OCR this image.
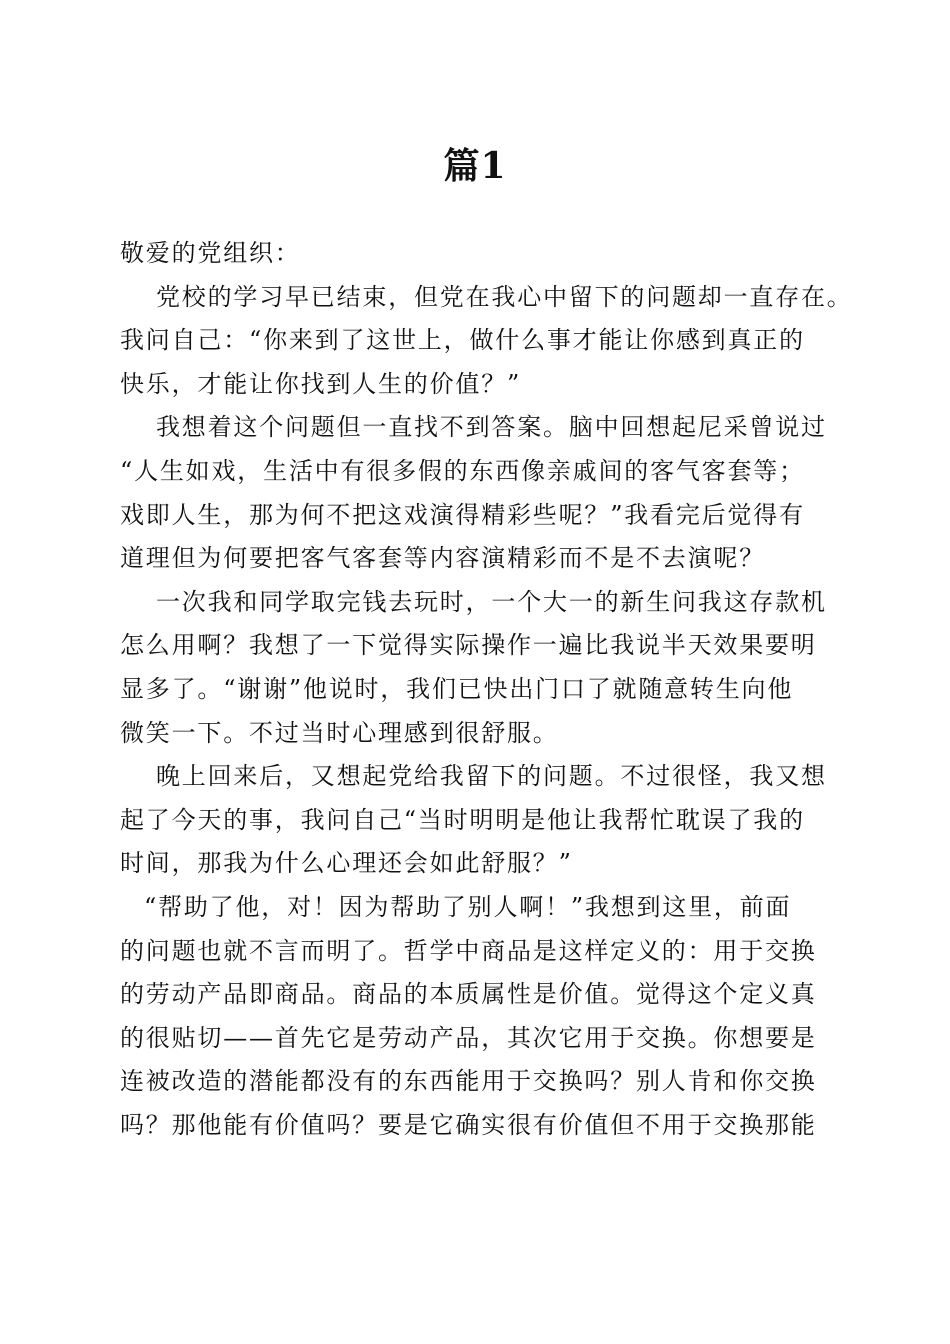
篇1
敬爱的党组织：
党校的学习早已结束，但党在我心中留下的问题却一直存在。
我问自己：“你来到了这世上，做什么事才能让你感到真正的
快乐，才能让你找到人生的价值？”
我想着这个问题但一直找不到答案。脑中回想起尼采曾说过
“人生如戏，生活中有很多假的东西像亲戚间的客气客套等；
戏即人生，那为何不把这戏演得精彩些呢？”我看完后觉得有
道理但为何要把客气客套等内容演精彩而不是不去演呢？
一次我和同学取完钱去玩时，一个大一的新生问我这存款机
怎么用啊？我想了一下觉得实际操作一遍比我说半天效果要明
显多了。“谢谢”他说时，我们已快出门口了就随意转生向他
微笑一下。不过当时心理感到很舒服。
晚上回来后，又想起党给我留下的问题。不过很怪，我又想
起了今天的事，我问自己“当时明明是他让我帮忙耽误了我的
时间，那我为什么心理还会如此舒服？”
“帮助了他，对！因为帮助了别人啊！”我想到这里，前面
的问题也就不言而明了。哲学中商品是这样定义的：用于交换
的劳动产品即商品。商品的本质属性是价值。觉得这个定义真
的很贴切——首先它是劳动产品，其次它用于交换。你想要是
连被改造的潜能都没有的东西能用于交换吗？别人肯和你交换
吗？那他能有价值吗？要是它确实很有价值但不用于交换那能
